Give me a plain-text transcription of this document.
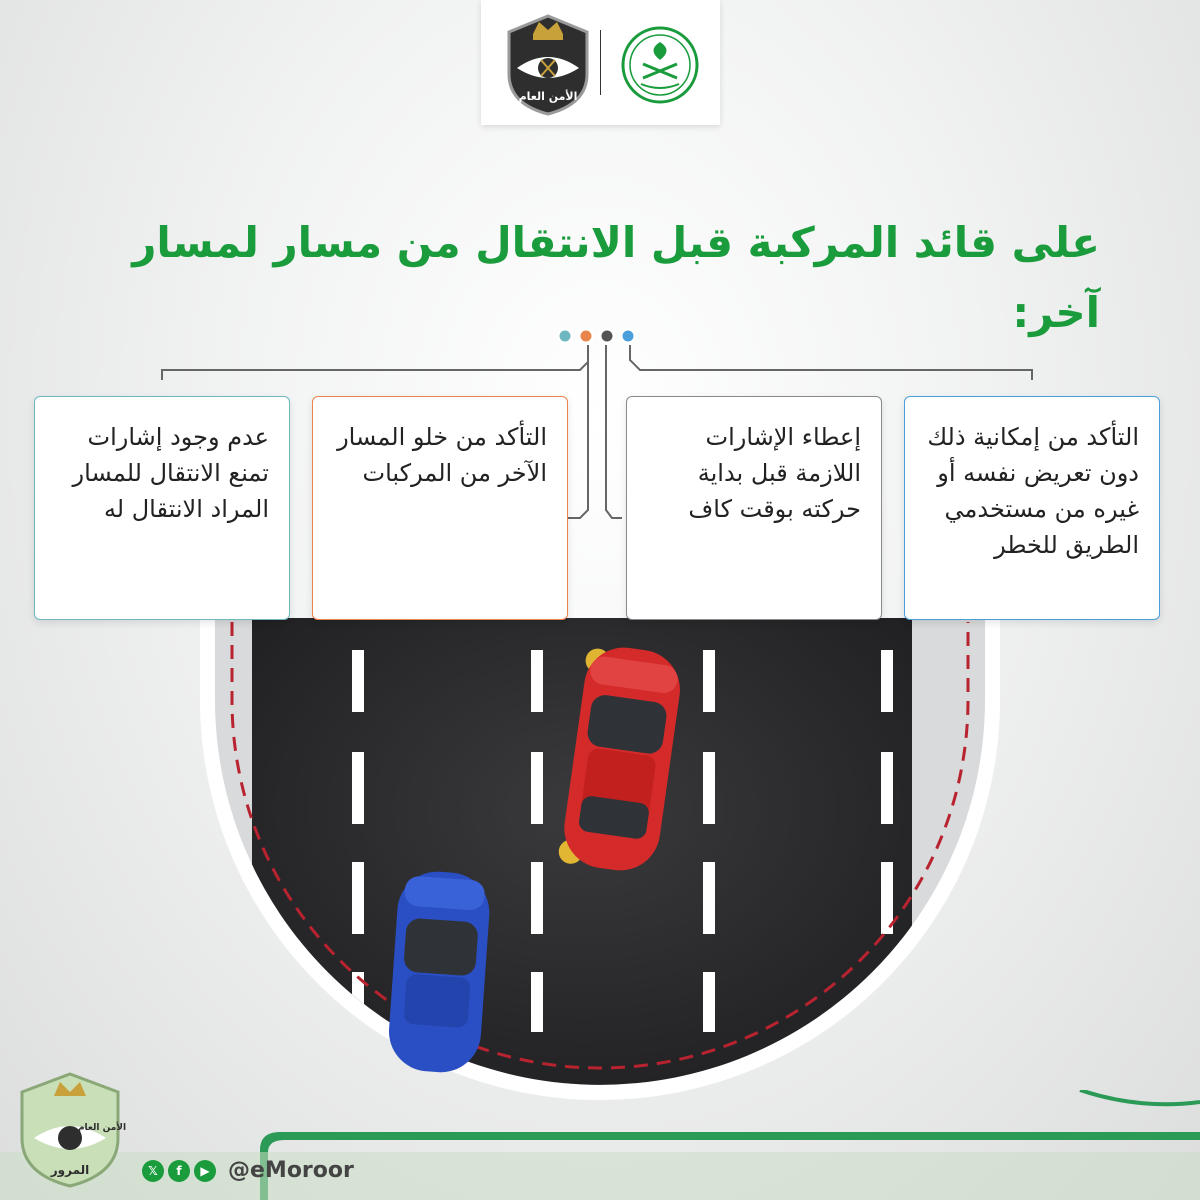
الأمن العام
على قائد المركبة قبل الانتقال من مسار لمسار آخر:
التأكد من إمكانية ذلك دون تعريض نفسه أو غيره من مستخدمي الطريق للخطر
إعطاء الإشارات اللازمة قبل بداية حركته بوقت كاف
التأكد من خلو المسار الآخر من المركبات
عدم وجود إشارات تمنع الانتقال للمسار المراد الانتقال له
الأمن العام
المرور	𝕏	f	▶ @eMoroor
